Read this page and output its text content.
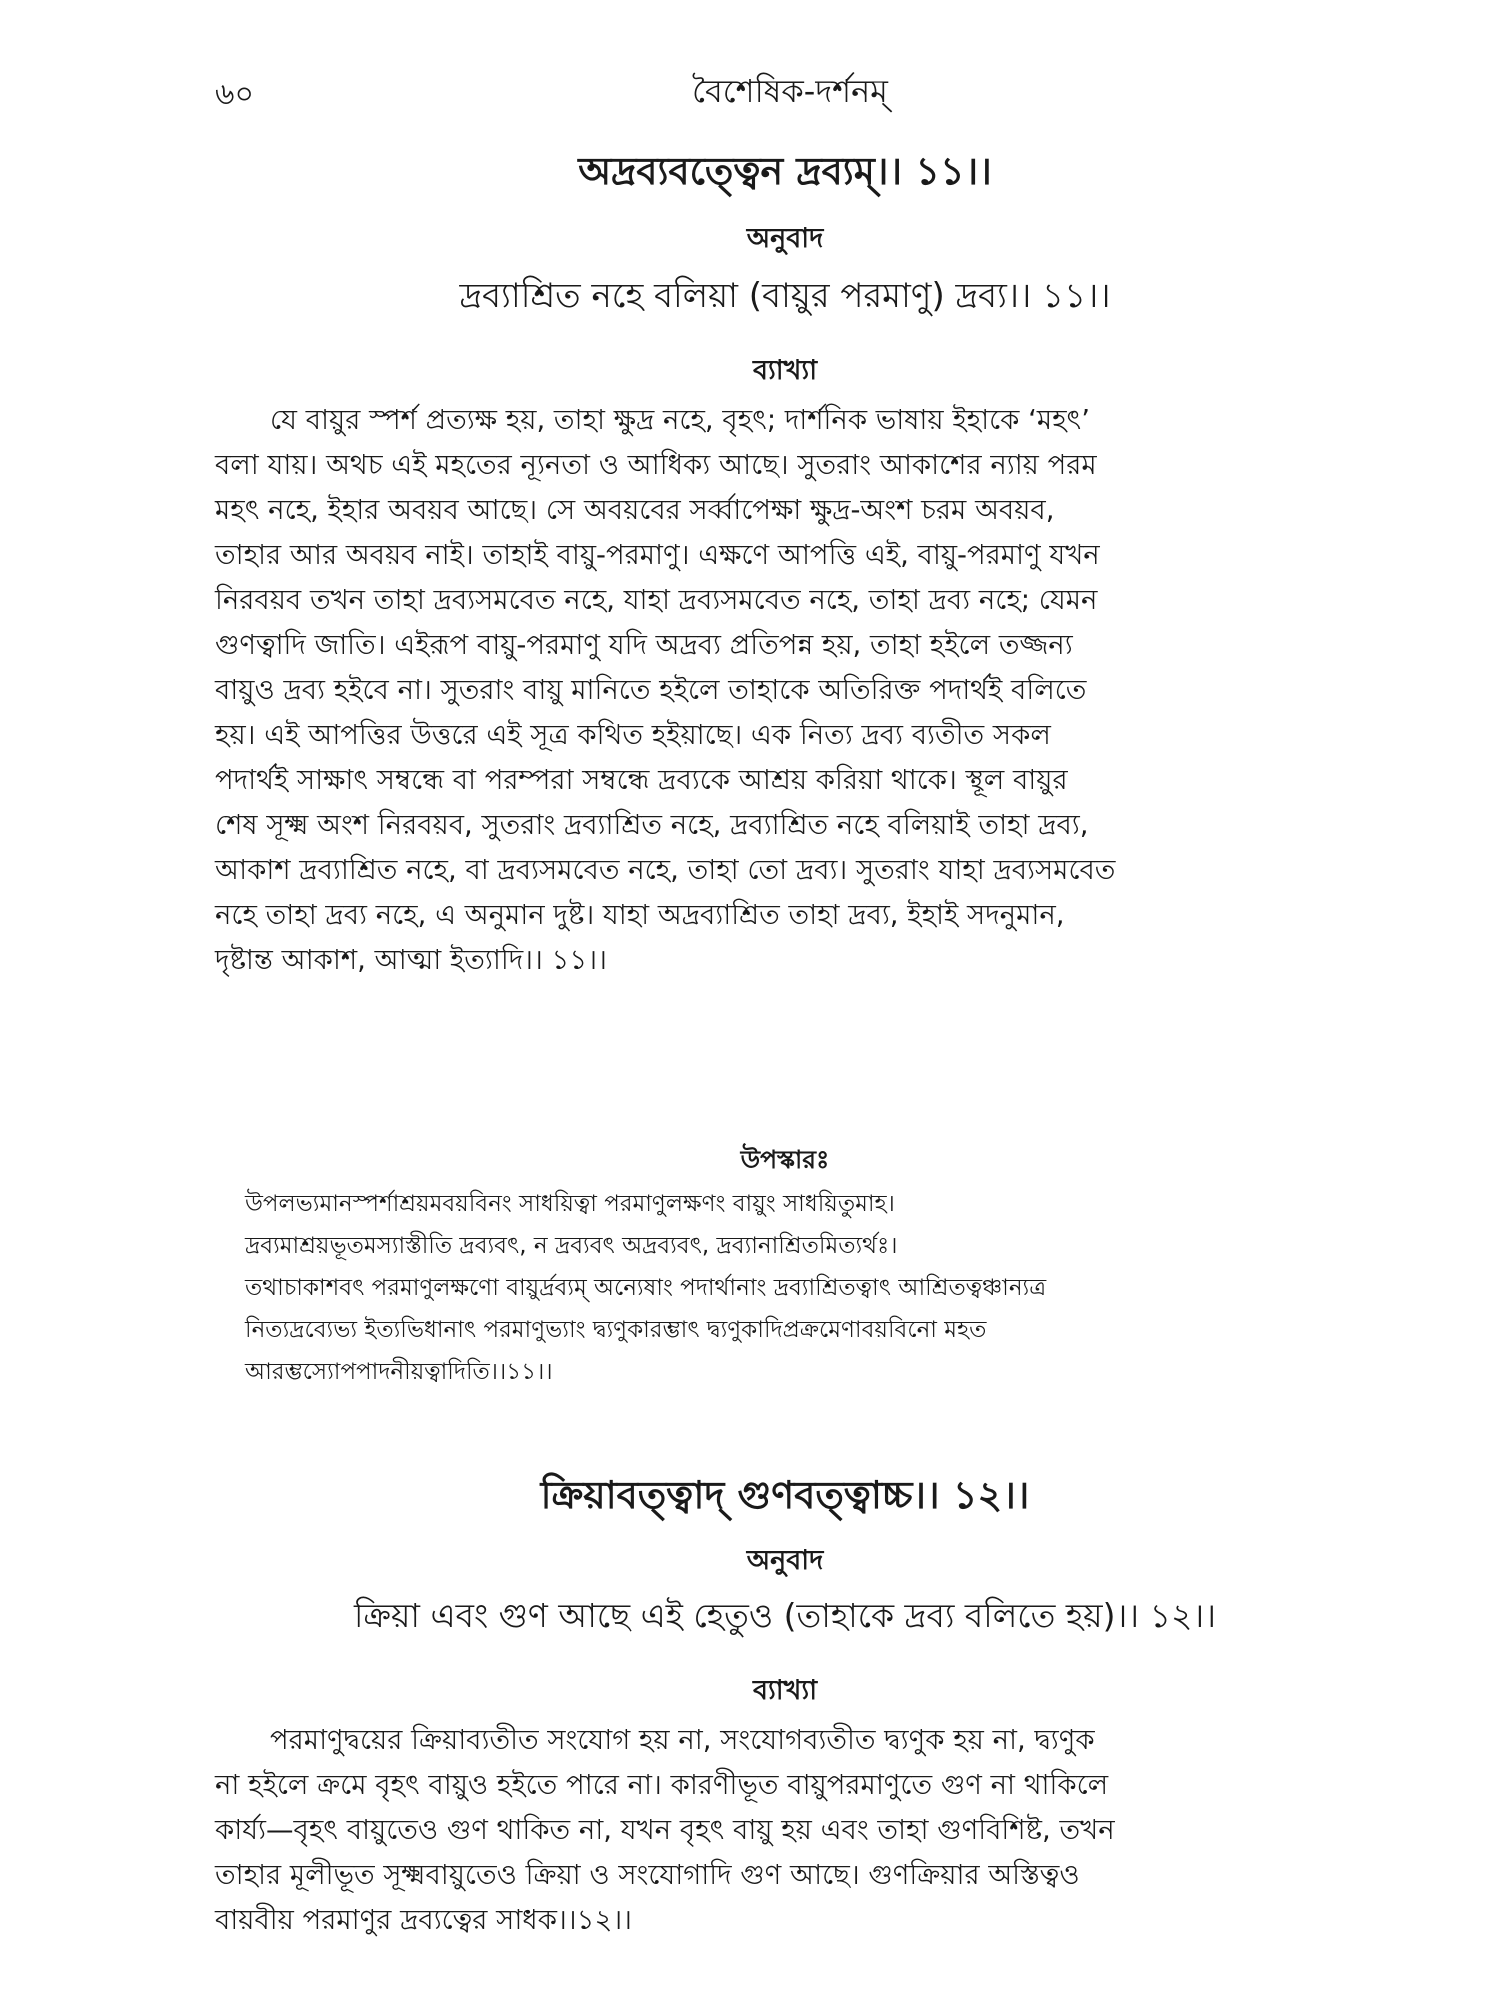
৬০	বৈশেষিক-দর্শনম্
অদ্রব্যবত্ত্বেন দ্রব্যম্।। ১১।।
অনুবাদ
দ্রব্যাশ্রিত নহে বলিয়া (বায়ুর পরমাণু) দ্রব্য।। ১১।।
ব্যাখ্যা
যে বায়ুর স্পর্শ প্রত্যক্ষ হয়, তাহা ক্ষুদ্র নহে, বৃহৎ; দার্শনিক ভাষায় ইহাকে ‘মহৎ’
বলা যায়। অথচ এই মহতের ন্যূনতা ও আধিক্য আছে। সুতরাং আকাশের ন্যায় পরম
মহৎ নহে, ইহার অবয়ব আছে। সে অবয়বের সর্ব্বাপেক্ষা ক্ষুদ্র-অংশ চরম অবয়ব,
তাহার আর অবয়ব নাই। তাহাই বায়ু-পরমাণু। এক্ষণে আপত্তি এই, বায়ু-পরমাণু যখন
নিরবয়ব তখন তাহা দ্রব্যসমবেত নহে, যাহা দ্রব্যসমবেত নহে, তাহা দ্রব্য নহে; যেমন
গুণত্বাদি জাতি। এইরূপ বায়ু-পরমাণু যদি অদ্রব্য প্রতিপন্ন হয়, তাহা হইলে তজ্জন্য
বায়ুও দ্রব্য হইবে না। সুতরাং বায়ু মানিতে হইলে তাহাকে অতিরিক্ত পদার্থই বলিতে
হয়। এই আপত্তির উত্তরে এই সূত্র কথিত হইয়াছে। এক নিত্য দ্রব্য ব্যতীত সকল
পদার্থই সাক্ষাৎ সম্বন্ধে বা পরম্পরা সম্বন্ধে দ্রব্যকে আশ্রয় করিয়া থাকে। স্থূল বায়ুর
শেষ সূক্ষ্ম অংশ নিরবয়ব, সুতরাং দ্রব্যাশ্রিত নহে, দ্রব্যাশ্রিত নহে বলিয়াই তাহা দ্রব্য,
আকাশ দ্রব্যাশ্রিত নহে, বা দ্রব্যসমবেত নহে, তাহা তো দ্রব্য। সুতরাং যাহা দ্রব্যসমবেত
নহে তাহা দ্রব্য নহে, এ অনুমান দুষ্ট। যাহা অদ্রব্যাশ্রিত তাহা দ্রব্য, ইহাই সদনুমান,
দৃষ্টান্ত আকাশ, আত্মা ইত্যাদি।। ১১।।
উপস্কারঃ
উপলভ্যমানস্পর্শাশ্রয়মবয়বিনং সাধয়িত্বা পরমাণুলক্ষণং বায়ুং সাধয়িতুমাহ।
দ্রব্যমাশ্রয়ভূতমস্যাস্তীতি দ্রব্যবৎ, ন দ্রব্যবৎ অদ্রব্যবৎ, দ্রব্যানাশ্রিতমিত্যর্থঃ।
তথাচাকাশবৎ পরমাণুলক্ষণো বায়ুর্দ্রব্যম্ অন্যেষাং পদার্থানাং দ্রব্যাশ্রিতত্বাৎ আশ্রিতত্বঞ্চান্যত্র
নিত্যদ্রব্যেভ্য ইত্যভিধানাৎ পরমাণুভ্যাং দ্ব্যণুকারম্ভাৎ দ্ব্যণুকাদিপ্রক্রমেণাবয়বিনো মহত
আরম্ভস্যোপপাদনীয়ত্বাদিতি।।১১।।
ক্রিয়াবত্ত্বাদ্ গুণবত্ত্বাচ্চ।। ১২।।
অনুবাদ
ক্রিয়া এবং গুণ আছে এই হেতুও (তাহাকে দ্রব্য বলিতে হয়)।। ১২।।
ব্যাখ্যা
পরমাণুদ্বয়ের ক্রিয়াব্যতীত সংযোগ হয় না, সংযোগব্যতীত দ্ব্যণুক হয় না, দ্ব্যণুক
না হইলে ক্রমে বৃহৎ বায়ুও হইতে পারে না। কারণীভূত বায়ুপরমাণুতে গুণ না থাকিলে
কার্য্য—বৃহৎ বায়ুতেও গুণ থাকিত না, যখন বৃহৎ বায়ু হয় এবং তাহা গুণবিশিষ্ট, তখন
তাহার মূলীভূত সূক্ষ্মবায়ুতেও ক্রিয়া ও সংযোগাদি গুণ আছে। গুণক্রিয়ার অস্তিত্বও
বায়বীয় পরমাণুর দ্রব্যত্বের সাধক।।১২।।
